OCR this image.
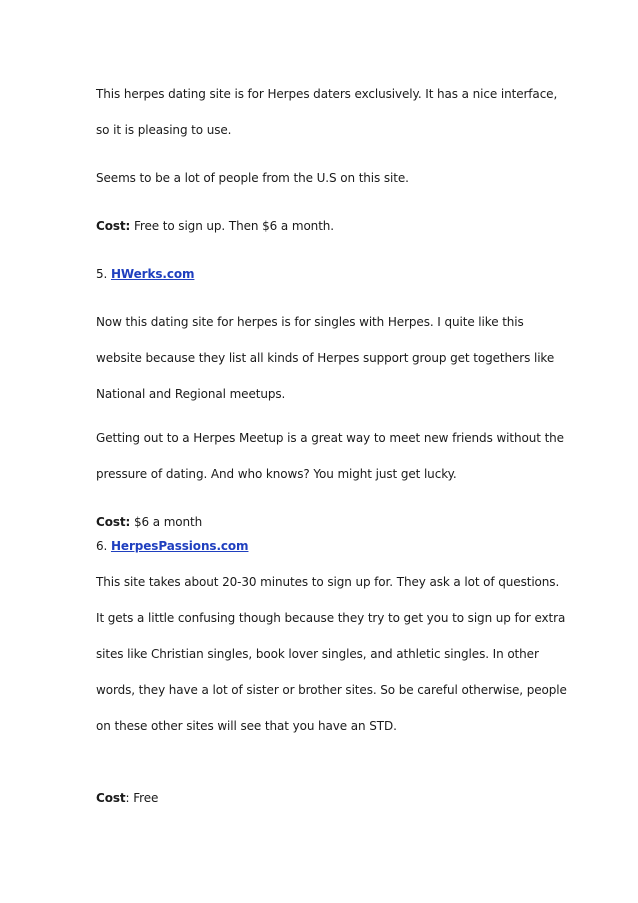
This herpes dating site is for Herpes daters exclusively. It has a nice interface,
so it is pleasing to use.
Seems to be a lot of people from the U.S on this site.
Cost: Free to sign up. Then $6 a month.
5. HWerks.com
Now this dating site for herpes is for singles with Herpes. I quite like this
website because they list all kinds of Herpes support group get togethers like
National and Regional meetups.
Getting out to a Herpes Meetup is a great way to meet new friends without the
pressure of dating. And who knows? You might just get lucky.
Cost: $6 a month
6. HerpesPassions.com
This site takes about 20-30 minutes to sign up for. They ask a lot of questions.
It gets a little confusing though because they try to get you to sign up for extra
sites like Christian singles, book lover singles, and athletic singles. In other
words, they have a lot of sister or brother sites. So be careful otherwise, people
on these other sites will see that you have an STD.
Cost: Free
